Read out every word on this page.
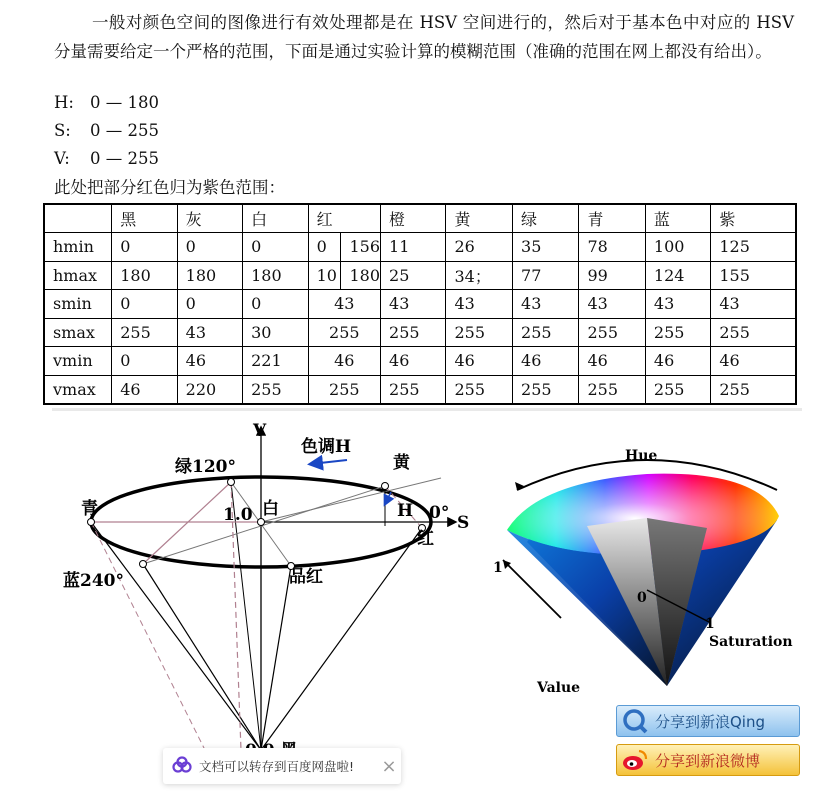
一般对颜色空间的图像进行有效处理都是在 HSV 空间进行的，然后对于基本色中对应的 HSV 分量需要给定一个严格的范围，下面是通过实验计算的模糊范围（准确的范围在网上都没有给出）。
H: 0 — 180
S: 0 — 255
V: 0 — 255
此处把部分红色归为紫色范围：
	黑	灰	白	红		橙	黄	绿	青	蓝	紫
hmin	0	0	0	0	156	11	26	35	78	100	125
hmax	180	180	180	10	180	25	34；	77	99	124	155
smin	0	0	0	43		43	43	43	43	43	43
smax	255	43	30	255		255	255	255	255	255	255
vmin	0	46	221	46		46	46	46	46	46	46
vmax	46	220	255	255		255	255	255	255	255	255
V
S
色调H
绿120°	黄
青	白
1.0	H 0°
红
蓝240°	品红
Hue
Saturation
Value
1
0
1
文档可以转存到百度网盘啦!	×
分享到新浪Qing
分享到新浪微博
